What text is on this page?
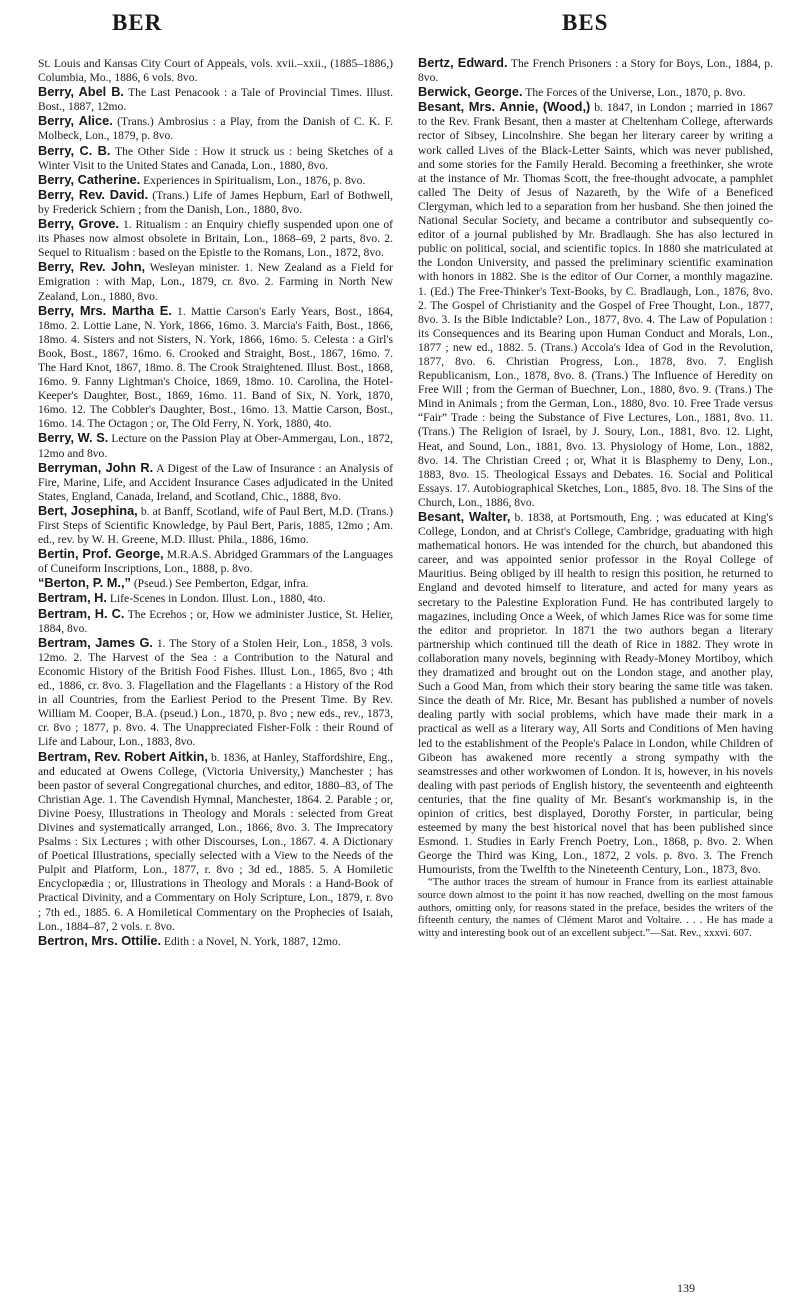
BER	BES

St. Louis and Kansas City Court of Appeals, vols. xvii.–xxii., (1885–1886,) Columbia, Mo., 1886, 6 vols. 8vo.

Berry, Abel B. The Last Penacook : a Tale of Provincial Times. Illust. Bost., 1887, 12mo.

Berry, Alice. (Trans.) Ambrosius : a Play, from the Danish of C. K. F. Molbeck, Lon., 1879, p. 8vo.

Berry, C. B. The Other Side : How it struck us : being Sketches of a Winter Visit to the United States and Canada, Lon., 1880, 8vo.

Berry, Catherine. Experiences in Spiritualism, Lon., 1876, p. 8vo.

Berry, Rev. David. (Trans.) Life of James Hepburn, Earl of Bothwell, by Frederick Schiern ; from the Danish, Lon., 1880, 8vo.

Berry, Grove. 1. Ritualism : an Enquiry chiefly suspended upon one of its Phases now almost obsolete in Britain, Lon., 1868–69, 2 parts, 8vo. 2. Sequel to Ritualism : based on the Epistle to the Romans, Lon., 1872, 8vo.

Berry, Rev. John, Wesleyan minister. 1. New Zealand as a Field for Emigration : with Map, Lon., 1879, cr. 8vo. 2. Farming in North New Zealand, Lon., 1880, 8vo.

Berry, Mrs. Martha E. 1. Mattie Carson's Early Years, Bost., 1864, 18mo. 2. Lottie Lane, N. York, 1866, 16mo. 3. Marcia's Faith, Bost., 1866, 18mo. 4. Sisters and not Sisters, N. York, 1866, 16mo. 5. Celesta : a Girl's Book, Bost., 1867, 16mo. 6. Crooked and Straight, Bost., 1867, 16mo. 7. The Hard Knot, 1867, 18mo. 8. The Crook Straightened. Illust. Bost., 1868, 16mo. 9. Fanny Lightman's Choice, 1869, 18mo. 10. Carolina, the Hotel-Keeper's Daughter, Bost., 1869, 16mo. 11. Band of Six, N. York, 1870, 16mo. 12. The Cobbler's Daughter, Bost., 16mo. 13. Mattie Carson, Bost., 16mo. 14. The Octagon ; or, The Old Ferry, N. York, 1880, 4to.

Berry, W. S. Lecture on the Passion Play at Ober-Ammergau, Lon., 1872, 12mo and 8vo.

Berryman, John R. A Digest of the Law of Insurance : an Analysis of Fire, Marine, Life, and Accident Insurance Cases adjudicated in the United States, England, Canada, Ireland, and Scotland, Chic., 1888, 8vo.

Bert, Josephina, b. at Banff, Scotland, wife of Paul Bert, M.D. (Trans.) First Steps of Scientific Knowledge, by Paul Bert, Paris, 1885, 12mo ; Am. ed., rev. by W. H. Greene, M.D. Illust. Phila., 1886, 16mo.

Bertin, Prof. George, M.R.A.S. Abridged Grammars of the Languages of Cuneiform Inscriptions, Lon., 1888, p. 8vo.

“Berton, P. M.,” (Pseud.) See Pemberton, Edgar, infra.

Bertram, H. Life-Scenes in London. Illust. Lon., 1880, 4to.

Bertram, H. C. The Ecrehos ; or, How we administer Justice, St. Helier, 1884, 8vo.

Bertram, James G. 1. The Story of a Stolen Heir, Lon., 1858, 3 vols. 12mo. 2. The Harvest of the Sea : a Contribution to the Natural and Economic History of the British Food Fishes. Illust. Lon., 1865, 8vo ; 4th ed., 1886, cr. 8vo. 3. Flagellation and the Flagellants : a History of the Rod in all Countries, from the Earliest Period to the Present Time. By Rev. William M. Cooper, B.A. (pseud.) Lon., 1870, p. 8vo ; new eds., rev., 1873, cr. 8vo ; 1877, p. 8vo. 4. The Unappreciated Fisher-Folk : their Round of Life and Labour, Lon., 1883, 8vo.

Bertram, Rev. Robert Aitkin, b. 1836, at Hanley, Staffordshire, Eng., and educated at Owens College, (Victoria University,) Manchester ; has been pastor of several Congregational churches, and editor, 1880–83, of The Christian Age. 1. The Cavendish Hymnal, Manchester, 1864. 2. Parable ; or, Divine Poesy, Illustrations in Theology and Morals : selected from Great Divines and systematically arranged, Lon., 1866, 8vo. 3. The Imprecatory Psalms : Six Lectures ; with other Discourses, Lon., 1867. 4. A Dictionary of Poetical Illustrations, specially selected with a View to the Needs of the Pulpit and Platform, Lon., 1877, r. 8vo ; 3d ed., 1885. 5. A Homiletic Encyclopædia ; or, Illustrations in Theology and Morals : a Hand-Book of Practical Divinity, and a Commentary on Holy Scripture, Lon., 1879, r. 8vo ; 7th ed., 1885. 6. A Homiletical Commentary on the Prophecies of Isaiah, Lon., 1884–87, 2 vols. r. 8vo.

Bertron, Mrs. Ottilie. Edith : a Novel, N. York, 1887, 12mo.

Bertz, Edward. The French Prisoners : a Story for Boys, Lon., 1884, p. 8vo.

Berwick, George. The Forces of the Universe, Lon., 1870, p. 8vo.

Besant, Mrs. Annie, (Wood,) b. 1847, in London ; married in 1867 to the Rev. Frank Besant, then a master at Cheltenham College, afterwards rector of Sibsey, Lincolnshire. She began her literary career by writing a work called Lives of the Black-Letter Saints, which was never published, and some stories for the Family Herald. Becoming a freethinker, she wrote at the instance of Mr. Thomas Scott, the free-thought advocate, a pamphlet called The Deity of Jesus of Nazareth, by the Wife of a Beneficed Clergyman, which led to a separation from her husband. She then joined the National Secular Society, and became a contributor and subsequently co-editor of a journal published by Mr. Bradlaugh. She has also lectured in public on political, social, and scientific topics. In 1880 she matriculated at the London University, and passed the preliminary scientific examination with honors in 1882. She is the editor of Our Corner, a monthly magazine. 1. (Ed.) The Free-Thinker's Text-Books, by C. Bradlaugh, Lon., 1876, 8vo. 2. The Gospel of Christianity and the Gospel of Free Thought, Lon., 1877, 8vo. 3. Is the Bible Indictable? Lon., 1877, 8vo. 4. The Law of Population : its Consequences and its Bearing upon Human Conduct and Morals, Lon., 1877 ; new ed., 1882. 5. (Trans.) Accola's Idea of God in the Revolution, 1877, 8vo. 6. Christian Progress, Lon., 1878, 8vo. 7. English Republicanism, Lon., 1878, 8vo. 8. (Trans.) The Influence of Heredity on Free Will ; from the German of Buechner, Lon., 1880, 8vo. 9. (Trans.) The Mind in Animals ; from the German, Lon., 1880, 8vo. 10. Free Trade versus “Fair” Trade : being the Substance of Five Lectures, Lon., 1881, 8vo. 11. (Trans.) The Religion of Israel, by J. Soury, Lon., 1881, 8vo. 12. Light, Heat, and Sound, Lon., 1881, 8vo. 13. Physiology of Home, Lon., 1882, 8vo. 14. The Christian Creed ; or, What it is Blasphemy to Deny, Lon., 1883, 8vo. 15. Theological Essays and Debates. 16. Social and Political Essays. 17. Autobiographical Sketches, Lon., 1885, 8vo. 18. The Sins of the Church, Lon., 1886, 8vo.

Besant, Walter, b. 1838, at Portsmouth, Eng. ; was educated at King's College, London, and at Christ's College, Cambridge, graduating with high mathematical honors. He was intended for the church, but abandoned this career, and was appointed senior professor in the Royal College of Mauritius. Being obliged by ill health to resign this position, he returned to England and devoted himself to literature, and acted for many years as secretary to the Palestine Exploration Fund. He has contributed largely to magazines, including Once a Week, of which James Rice was for some time the editor and proprietor. In 1871 the two authors began a literary partnership which continued till the death of Rice in 1882. They wrote in collaboration many novels, beginning with Ready-Money Mortiboy, which they dramatized and brought out on the London stage, and another play, Such a Good Man, from which their story bearing the same title was taken. Since the death of Mr. Rice, Mr. Besant has published a number of novels dealing partly with social problems, which have made their mark in a practical as well as a literary way, All Sorts and Conditions of Men having led to the establishment of the People's Palace in London, while Children of Gibeon has awakened more recently a strong sympathy with the seamstresses and other workwomen of London. It is, however, in his novels dealing with past periods of English history, the seventeenth and eighteenth centuries, that the fine quality of Mr. Besant's workmanship is, in the opinion of critics, best displayed, Dorothy Forster, in particular, being esteemed by many the best historical novel that has been published since Esmond. 1. Studies in Early French Poetry, Lon., 1868, p. 8vo. 2. When George the Third was King, Lon., 1872, 2 vols. p. 8vo. 3. The French Humourists, from the Twelfth to the Nineteenth Century, Lon., 1873, 8vo.

“The author traces the stream of humour in France from its earliest attainable source down almost to the point it has now reached, dwelling on the most famous authors, omitting only, for reasons stated in the preface, besides the writers of the fifteenth century, the names of Clément Marot and Voltaire. . . . He has made a witty and interesting book out of an excellent subject.”—Sat. Rev., xxxvi. 607.

139
